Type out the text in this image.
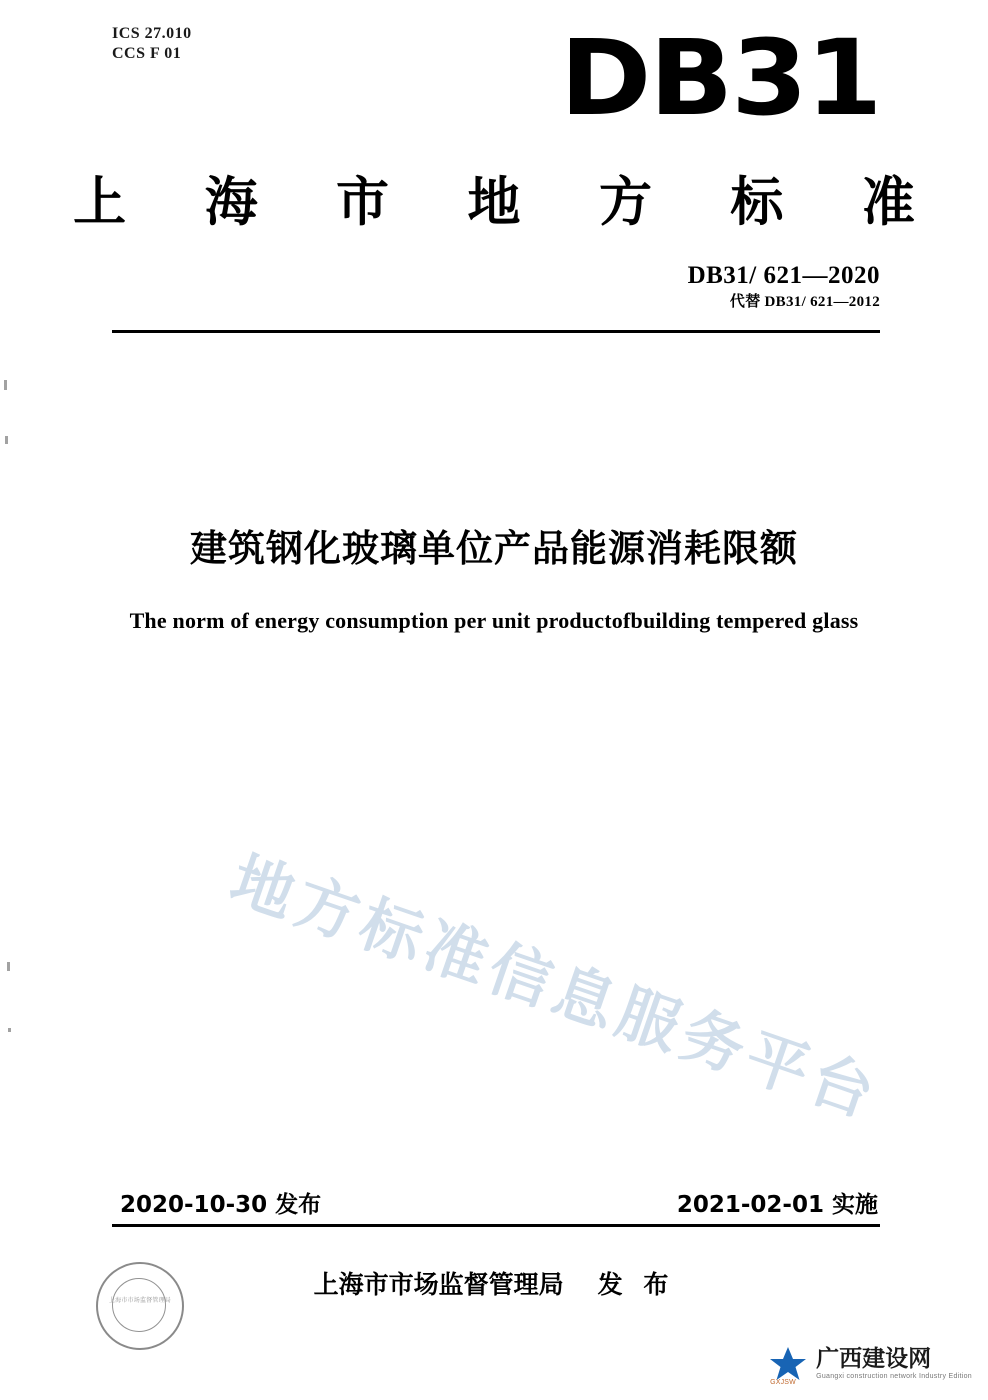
ICS 27.010
CCS F 01	DB31
上 海 市 地 方 标 准
DB31/ 621—2020
代替 DB31/ 621—2012
建筑钢化玻璃单位产品能源消耗限额
The norm of energy consumption per unit productofbuilding tempered glass
地方标准信息服务平台
2020-10-30 发布	2021-02-01 实施
上海市市场监督管理局 发 布
上海市市场监督管理局
广西建设网
Guangxi construction network Industry Edition
GXJSW
